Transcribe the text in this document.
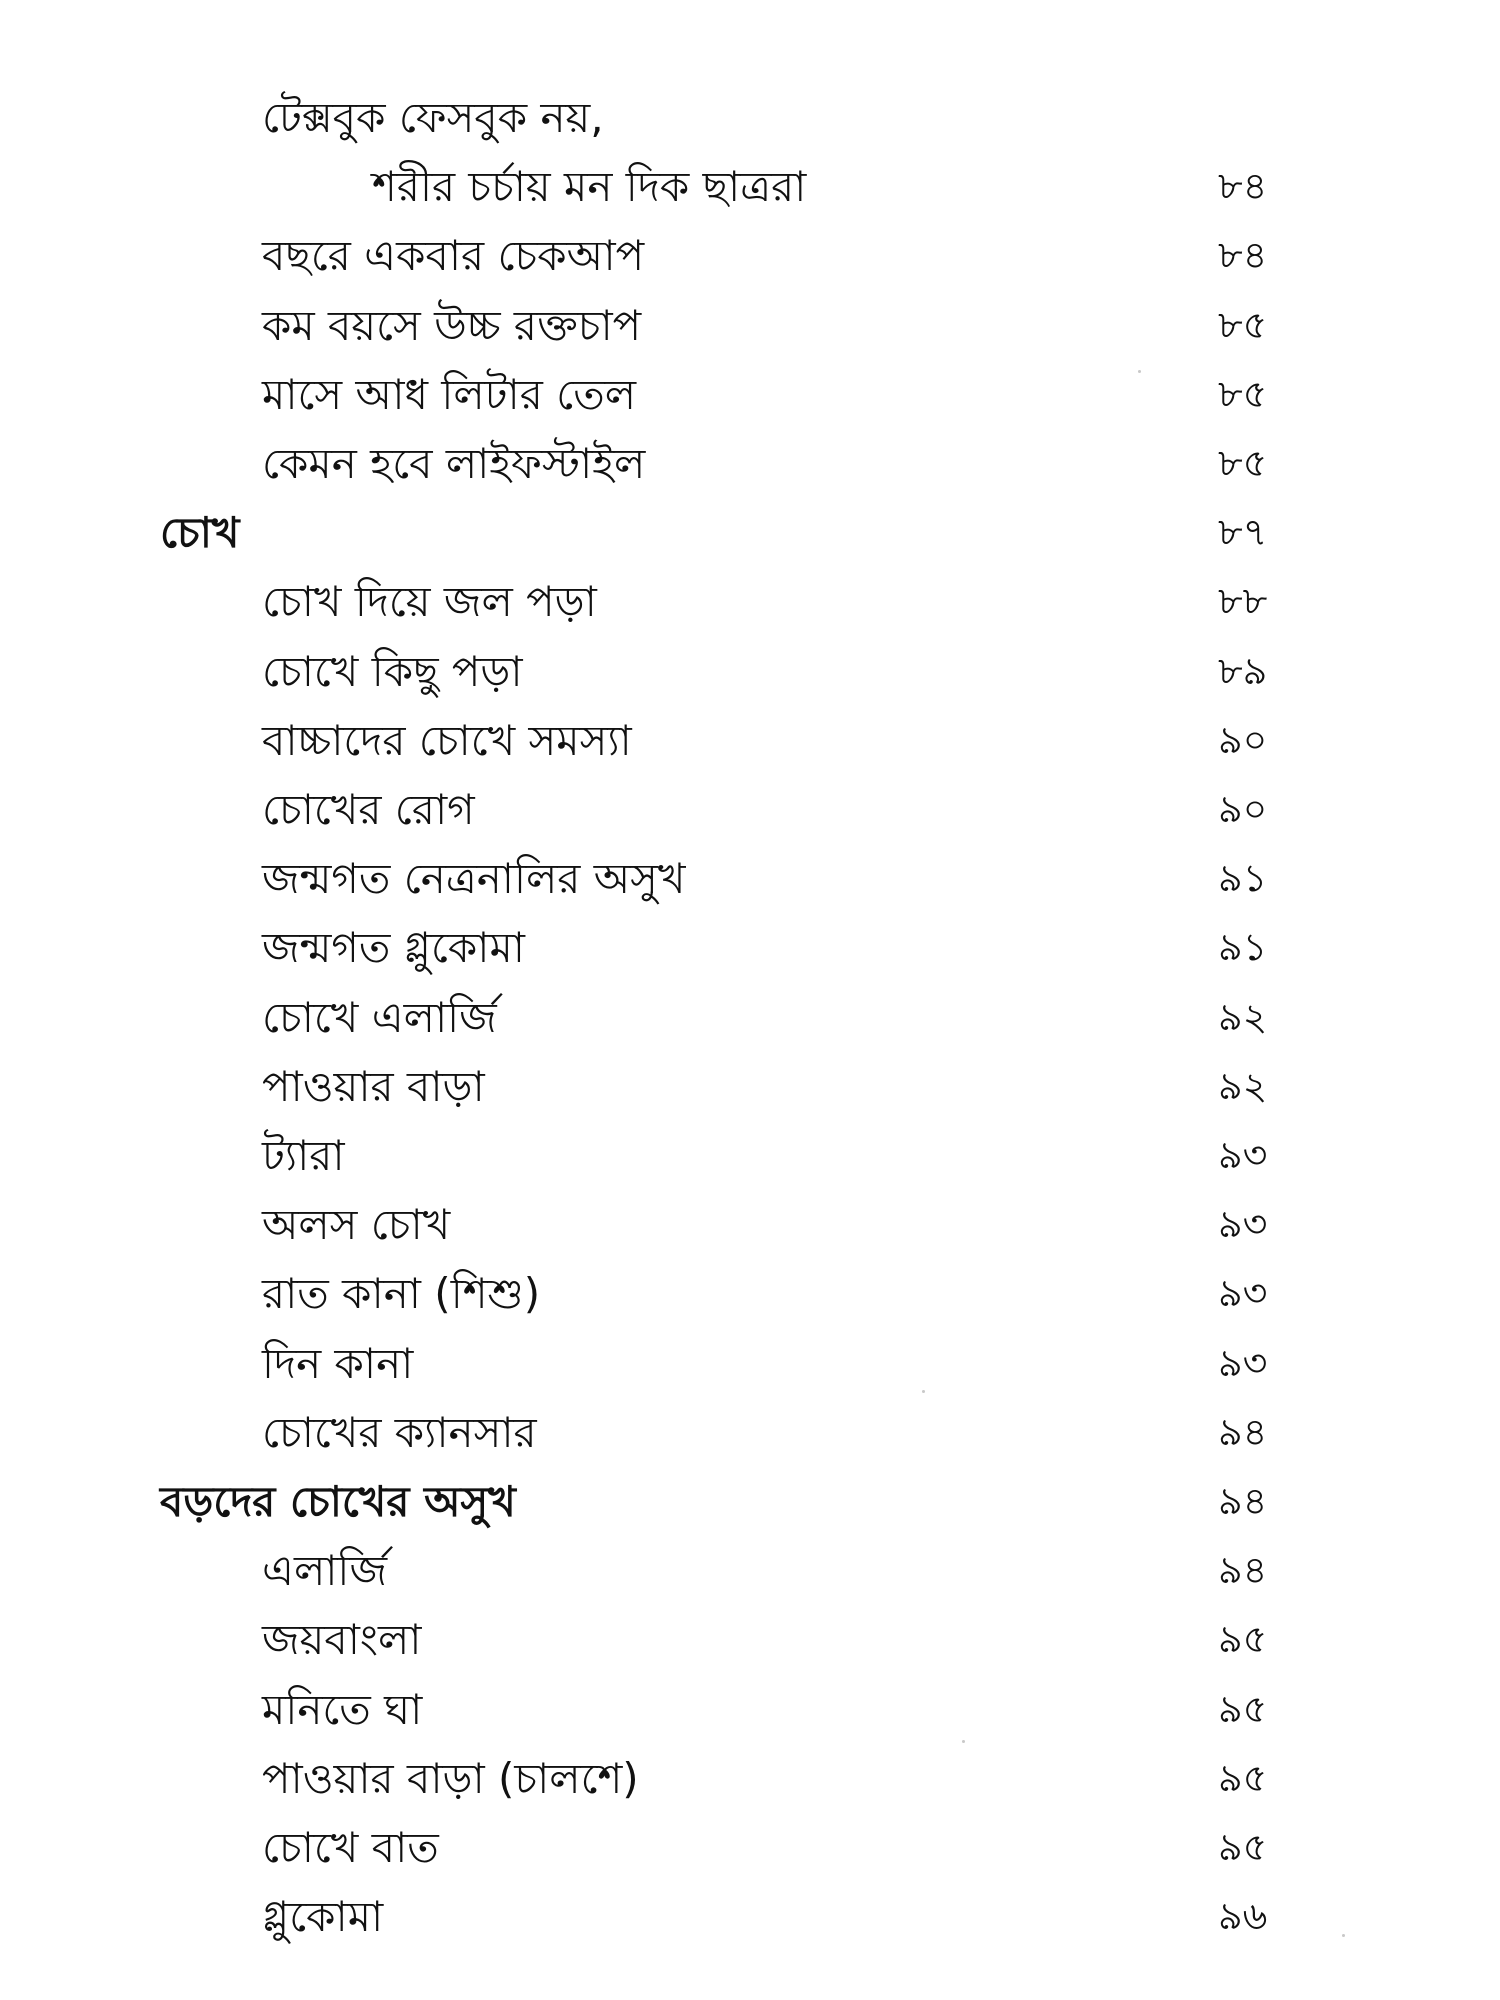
টেক্সবুক ফেসবুক নয়,
শরীর চর্চায় মন দিক ছাত্ররা	৮৪
বছরে একবার চেকআপ	৮৪
কম বয়সে উচ্চ রক্তচাপ	৮৫
মাসে আধ লিটার তেল	৮৫
কেমন হবে লাইফস্টাইল	৮৫
চোখ	৮৭
চোখ দিয়ে জল পড়া	৮৮
চোখে কিছু পড়া	৮৯
বাচ্চাদের চোখে সমস্যা	৯০
চোখের রোগ	৯০
জন্মগত নেত্রনালির অসুখ	৯১
জন্মগত গ্লুকোমা	৯১
চোখে এলার্জি	৯২
পাওয়ার বাড়া	৯২
ট্যারা	৯৩
অলস চোখ	৯৩
রাত কানা (শিশু)	৯৩
দিন কানা	৯৩
চোখের ক্যানসার	৯৪
বড়দের চোখের অসুখ	৯৪
এলার্জি	৯৪
জয়বাংলা	৯৫
মনিতে ঘা	৯৫
পাওয়ার বাড়া (চালশে)	৯৫
চোখে বাত	৯৫
গ্লুকোমা	৯৬
